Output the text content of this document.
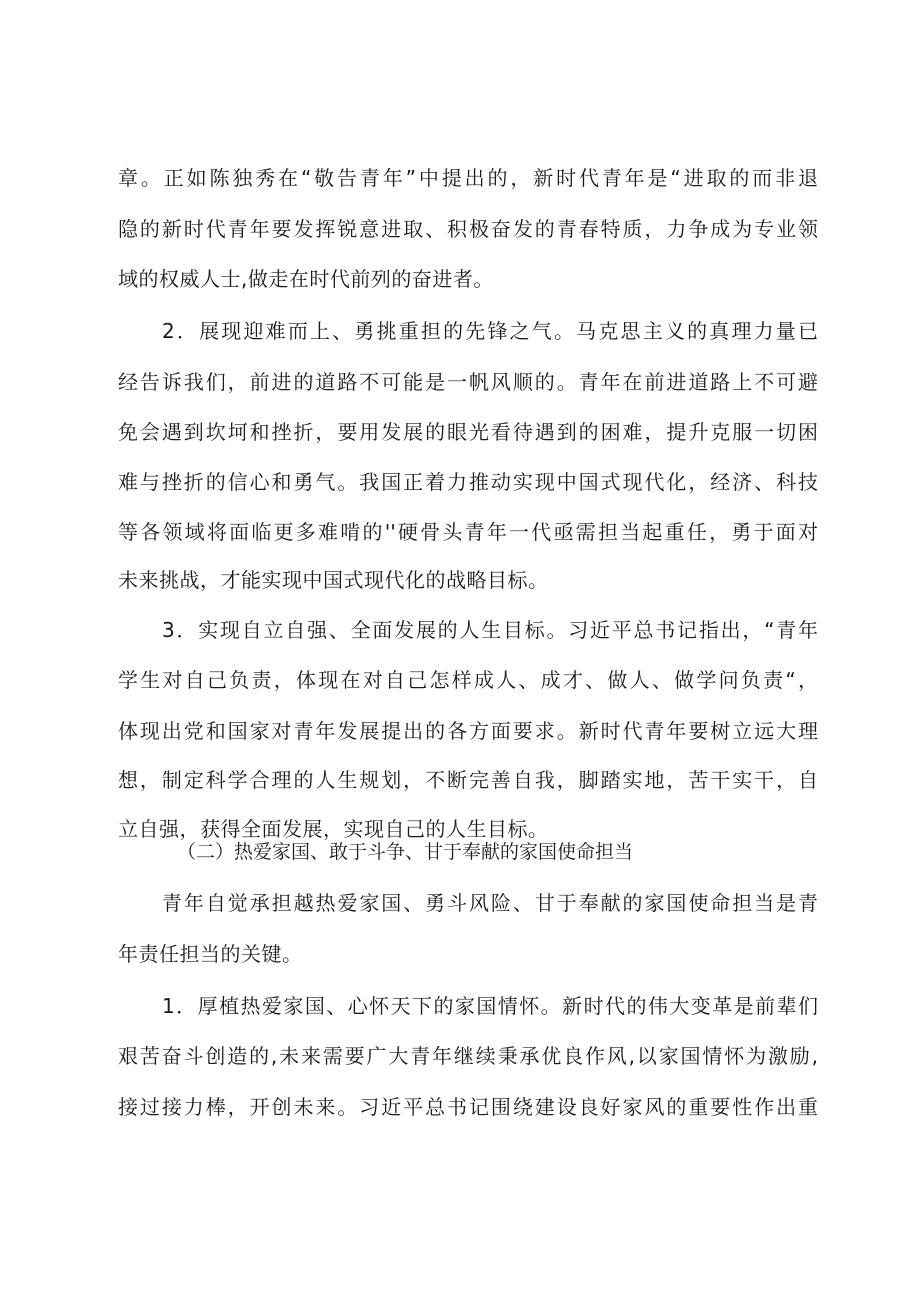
章。正如陈独秀在“敬告青年”中提出的，新时代青年是“进取的而非退
隐的新时代青年要发挥锐意进取、积极奋发的青春特质，力争成为专业领
域的权威人士,做走在时代前列的奋进者。
2．展现迎难而上、勇挑重担的先锋之气。马克思主义的真理力量已
经告诉我们，前进的道路不可能是一帆风顺的。青年在前进道路上不可避
免会遇到坎坷和挫折，要用发展的眼光看待遇到的困难，提升克服一切困
难与挫折的信心和勇气。我国正着力推动实现中国式现代化，经济、科技
等各领域将面临更多难啃的''硬骨头青年一代亟需担当起重任，勇于面对
未来挑战，才能实现中国式现代化的战略目标。
3．实现自立自强、全面发展的人生目标。习近平总书记指出，“青年
学生对自己负责，体现在对自己怎样成人、成才、做人、做学问负责“，
体现出党和国家对青年发展提出的各方面要求。新时代青年要树立远大理
想，制定科学合理的人生规划，不断完善自我，脚踏实地，苦干实干，自
立自强，获得全面发展，实现自己的人生目标。
青年自觉承担越热爱家国、勇斗风险、甘于奉献的家国使命担当是青
年责任担当的关键。
1．厚植热爱家国、心怀天下的家国情怀。新时代的伟大变革是前辈们
艰苦奋斗创造的,未来需要广大青年继续秉承优良作风,以家国情怀为激励,
接过接力棒，开创未来。习近平总书记围绕建设良好家风的重要性作出重
（二）热爱家国、敢于斗争、甘于奉献的家国使命担当
